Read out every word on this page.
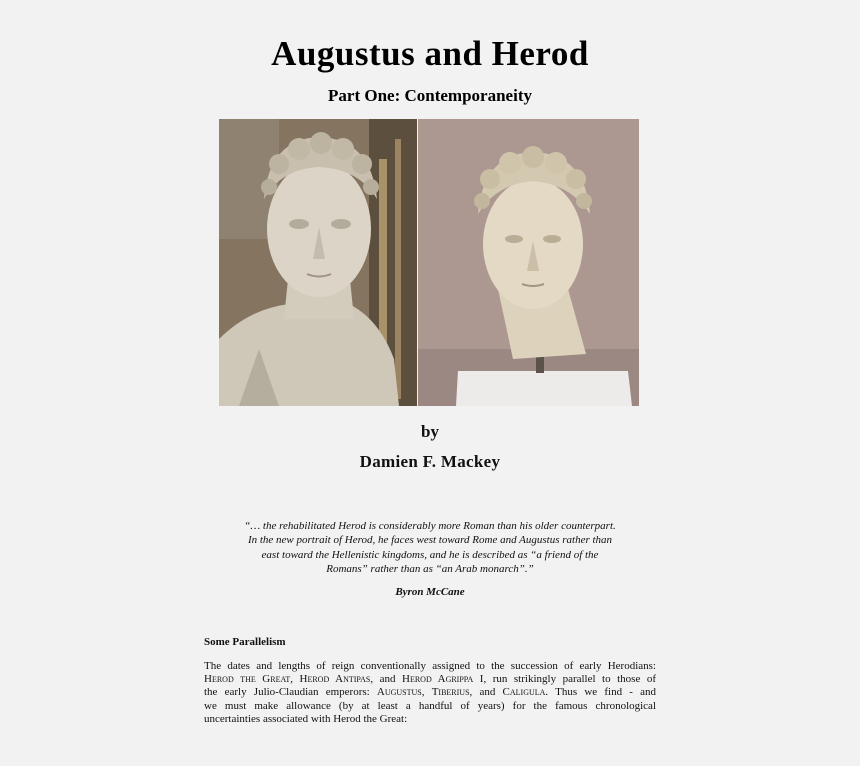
Augustus and Herod
Part One: Contemporaneity
by
Damien F. Mackey
“… the rehabilitated Herod is considerably more Roman than his older counterpart.
In the new portrait of Herod, he faces west toward Rome and Augustus rather than
east toward the Hellenistic kingdoms, and he is described as “a friend of the
Romans” rather than as “an Arab monarch”.”
Byron McCane
Some Parallelism
The dates and lengths of reign conventionally assigned to the succession of early Herodians:
Herod the Great, Herod Antipas, and Herod Agrippa I, run strikingly parallel to those of
the early Julio-Claudian emperors: Augustus, Tiberius, and Caligula. Thus we find - and
we must make allowance (by at least a handful of years) for the famous chronological
uncertainties associated with Herod the Great:
